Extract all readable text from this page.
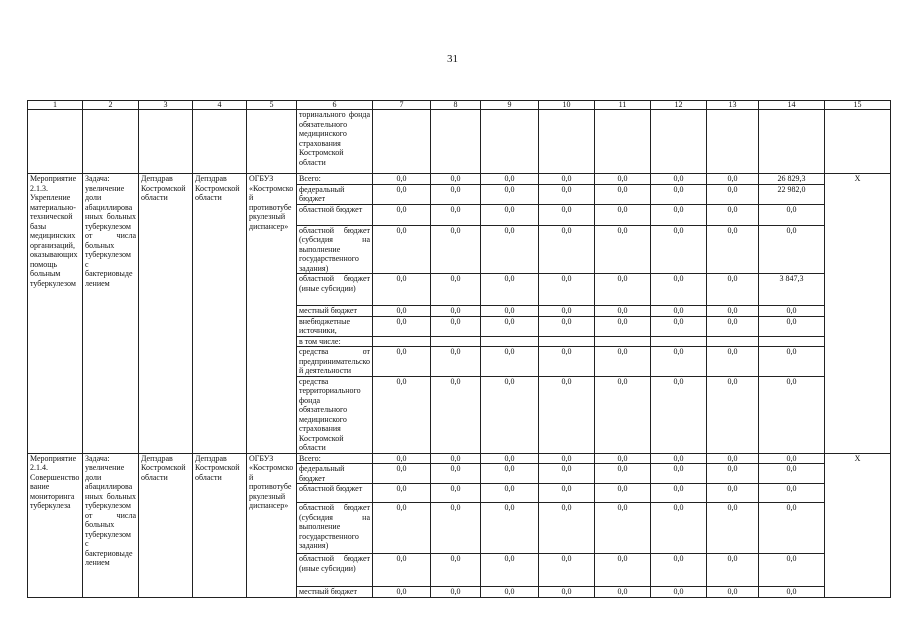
31
1	2	3	4	5	6	7	8	9	10	11	12	13	14	15
					торинального фонда обязательного медицинского страхования Костромской области									
Мероприятие 2.1.3. Укрепление материально-технической базы медицинских организаций, оказывающих помощь больным туберкулезом	Задача: увеличение доли абациллированных больных туберкулезом от числа больных туберкулезом с бактериовыделением	Депздрав Костромской области	Депздрав Костромской области	ОГБУЗ «Костромской противотуберкулезный диспансер»	Всего:	0,0	0,0	0,0	0,0	0,0	0,0	0,0	26 829,3	X
					федеральный бюджет	0,0	0,0	0,0	0,0	0,0	0,0	0,0	22 982,0	
					областной бюджет	0,0	0,0	0,0	0,0	0,0	0,0	0,0	0,0	
					областной бюджет (субсидия на выполнение государственного задания)	0,0	0,0	0,0	0,0	0,0	0,0	0,0	0,0	
					областной бюджет (иные субсидии)	0,0	0,0	0,0	0,0	0,0	0,0	0,0	3 847,3	
					местный бюджет	0,0	0,0	0,0	0,0	0,0	0,0	0,0	0,0	
					внебюджетные источники,	0,0	0,0	0,0	0,0	0,0	0,0	0,0	0,0	
					в том числе:									
					средства от предпринимательской деятельности	0,0	0,0	0,0	0,0	0,0	0,0	0,0	0,0	
					средства территориального фонда обязательного медицинского страхования Костромской области	0,0	0,0	0,0	0,0	0,0	0,0	0,0	0,0	
Мероприятие 2.1.4. Совершенствование мониторинга туберкулеза	Задача: увеличение доли абациллированных больных туберкулезом от числа больных туберкулезом с бактериовыделением	Депздрав Костромской области	Депздрав Костромской области	ОГБУЗ «Костромской противотуберкулезный диспансер»	Всего:	0,0	0,0	0,0	0,0	0,0	0,0	0,0	0,0	X
					федеральный бюджет	0,0	0,0	0,0	0,0	0,0	0,0	0,0	0,0	
					областной бюджет	0,0	0,0	0,0	0,0	0,0	0,0	0,0	0,0	
					областной бюджет (субсидия на выполнение государственного задания)	0,0	0,0	0,0	0,0	0,0	0,0	0,0	0,0	
					областной бюджет (иные субсидии)	0,0	0,0	0,0	0,0	0,0	0,0	0,0	0,0	
					местный бюджет	0,0	0,0	0,0	0,0	0,0	0,0	0,0	0,0	
